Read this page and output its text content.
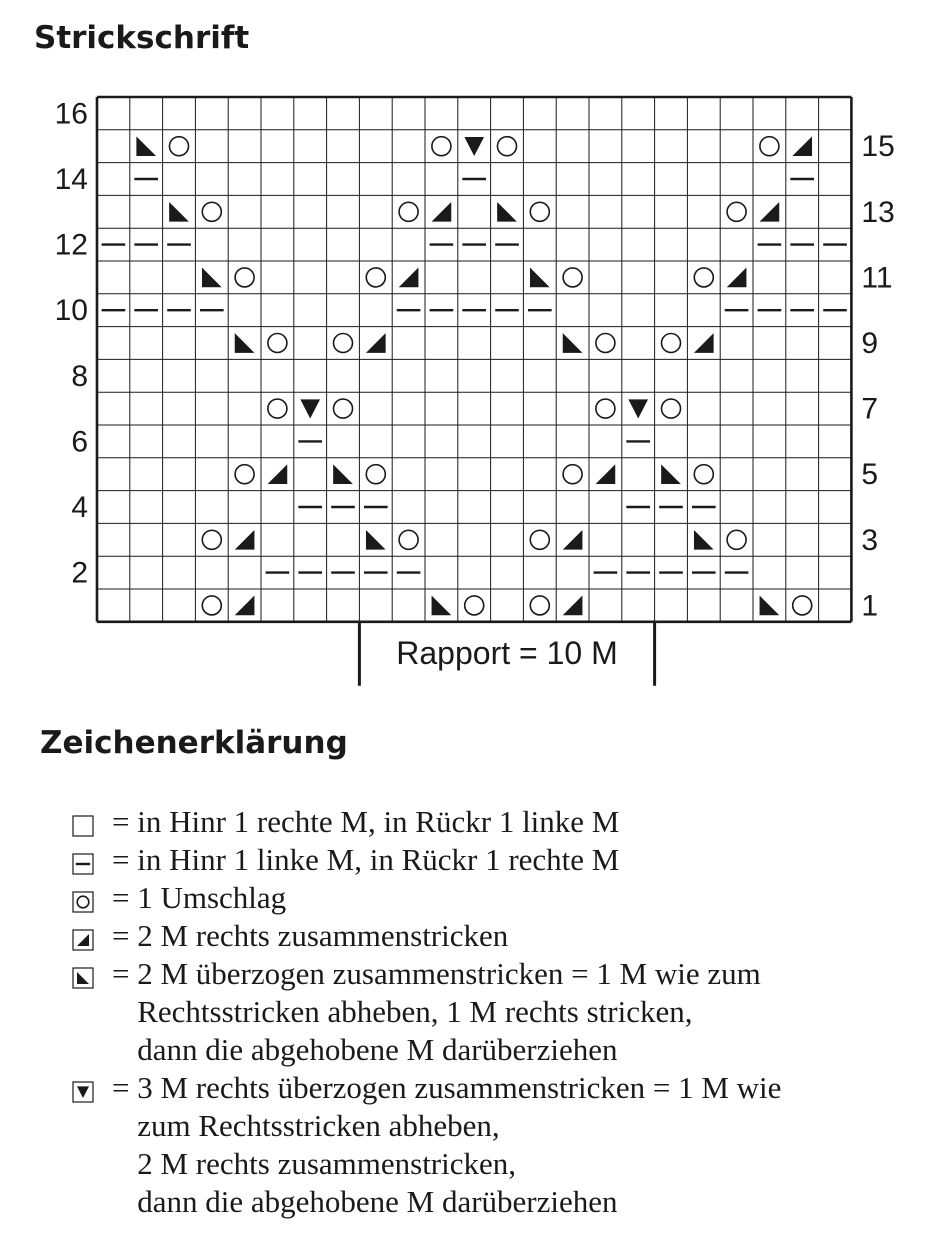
Strickschrift
16
14
12
10
8
6
4
2
15
13
11
9
7
5
3
1
Rapport = 10 M
Zeichenerklärung
= in Hinr 1 rechte M, in Rückr 1 linke M
= in Hinr 1 linke M, in Rückr 1 rechte M
= 1 Umschlag
= 2 M rechts zusammenstricken
= 2 M überzogen zusammenstricken = 1 M wie zum
Rechtsstricken abheben, 1 M rechts stricken,
dann die abgehobene M darüberziehen
= 3 M rechts überzogen zusammenstricken = 1 M wie
zum Rechtsstricken abheben,
2 M rechts zusammenstricken,
dann die abgehobene M darüberziehen
